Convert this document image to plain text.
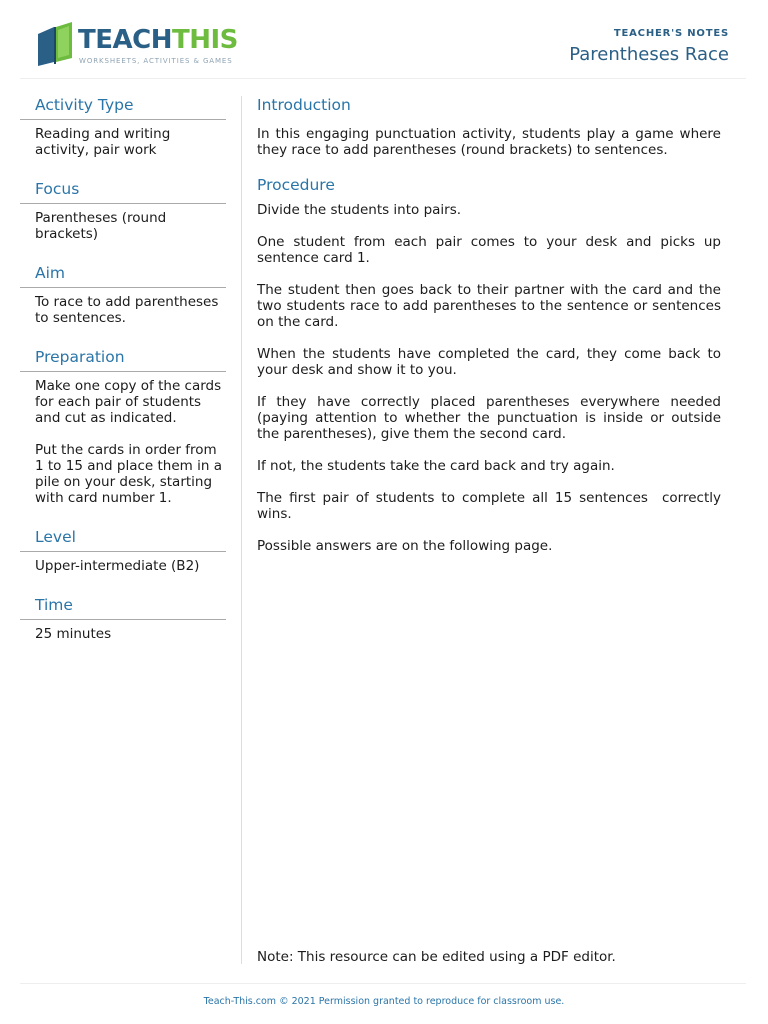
TEACHTHIS
WORKSHEETS, ACTIVITIES & GAMES
TEACHER'S NOTES
Parentheses Race
Activity Type

Reading and writing activity, pair work

Focus

Parentheses (round brackets)

Aim

To race to add parentheses to sentences.

Preparation

Make one copy of the cards for each pair of students and cut as indicated.

Put the cards in order from 1 to 15 and place them in a pile on your desk, starting with card number 1.

Level

Upper-intermediate (B2)

Time

25 minutes

Introduction

In this engaging punctuation activity, students play a game where they race to add parentheses (round brackets) to sentences.

Procedure

Divide the students into pairs.

One student from each pair comes to your desk and picks up sentence card 1.

The student then goes back to their partner with the card and the two students race to add parentheses to the sentence or sentences on the card.

When the students have completed the card, they come back to your desk and show it to you.

If they have correctly placed parentheses everywhere needed (paying attention to whether the punctuation is inside or outside the parentheses), give them the second card.

If not, the students take the card back and try again.

The first pair of students to complete all 15 sentences  correctly wins.

Possible answers are on the following page.

Note: This resource can be edited using a PDF editor.
Teach-This.com © 2021 Permission granted to reproduce for classroom use.
